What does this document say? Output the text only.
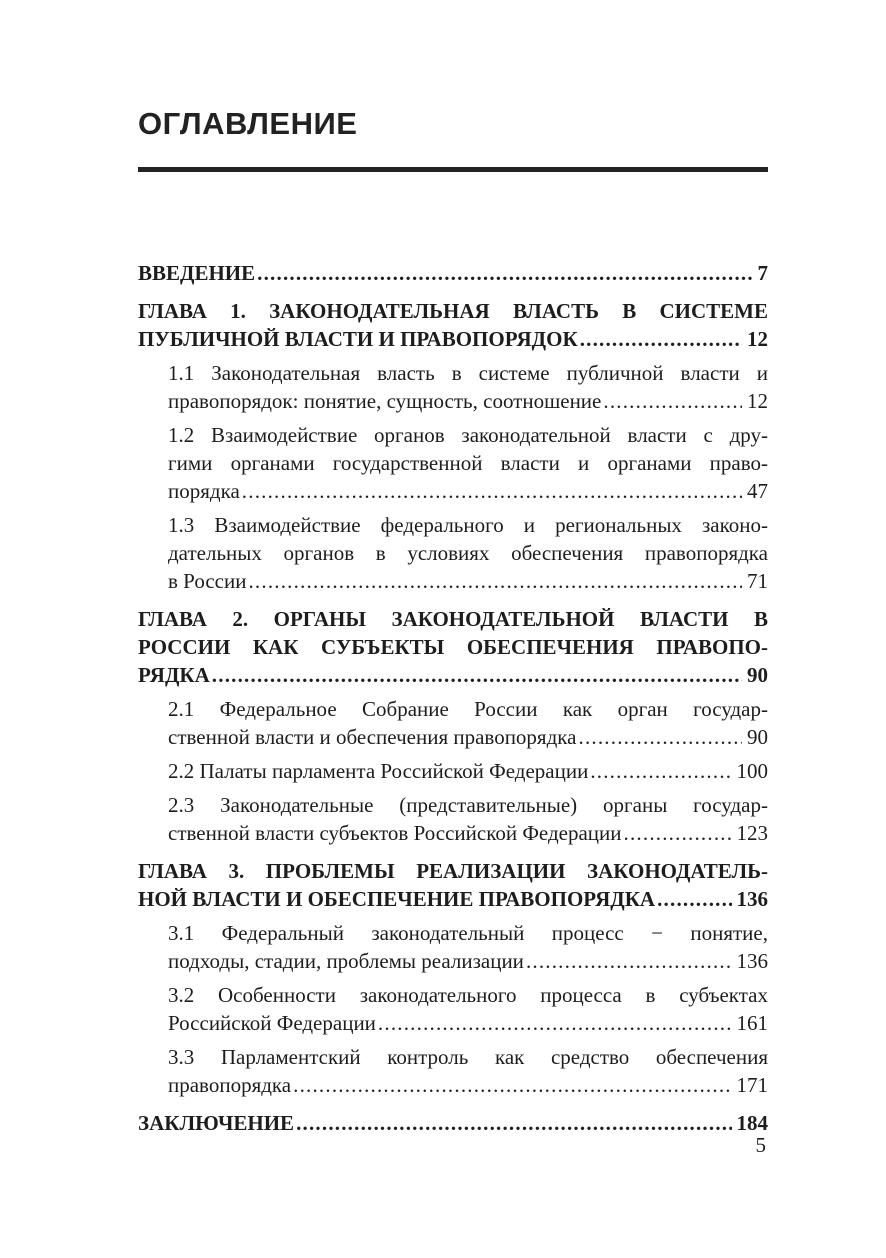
ОГЛАВЛЕНИЕ
ВВЕДЕНИЕ .....	7
ГЛАВА 1. ЗАКОНОДАТЕЛЬНАЯ ВЛАСТЬ В СИСТЕМЕ
ПУБЛИЧНОЙ ВЛАСТИ И ПРАВОПОРЯДОК .....	12
1.1 Законодательная власть в системе публичной власти и
правопорядок: понятие, сущность, соотношение .....	12
1.2 Взаимодействие органов законодательной власти с дру-
гими органами государственной власти и органами право-
порядка .....	47
1.3 Взаимодействие федерального и региональных законо-
дательных органов в условиях обеспечения правопорядка
в России .....	71
ГЛАВА 2. ОРГАНЫ ЗАКОНОДАТЕЛЬНОЙ ВЛАСТИ В
РОССИИ КАК СУБЪЕКТЫ ОБЕСПЕЧЕНИЯ ПРАВОПО-
РЯДКА .....	90
2.1 Федеральное Собрание России как орган государ-
ственной власти и обеспечения правопорядка .....	90
2.2 Палаты парламента Российской Федерации .....	100
2.3 Законодательные (представительные) органы государ-
ственной власти субъектов Российской Федерации .....	123
ГЛАВА 3. ПРОБЛЕМЫ РЕАЛИЗАЦИИ ЗАКОНОДАТЕЛЬ-
НОЙ ВЛАСТИ И ОБЕСПЕЧЕНИЕ ПРАВОПОРЯДКА .....	136
3.1 Федеральный законодательный процесс − понятие,
подходы, стадии, проблемы реализации .....	136
3.2 Особенности законодательного процесса в субъектах
Российской Федерации .....	161
3.3 Парламентский контроль как средство обеспечения
правопорядка .....	171
ЗАКЛЮЧЕНИЕ .....	184
5
